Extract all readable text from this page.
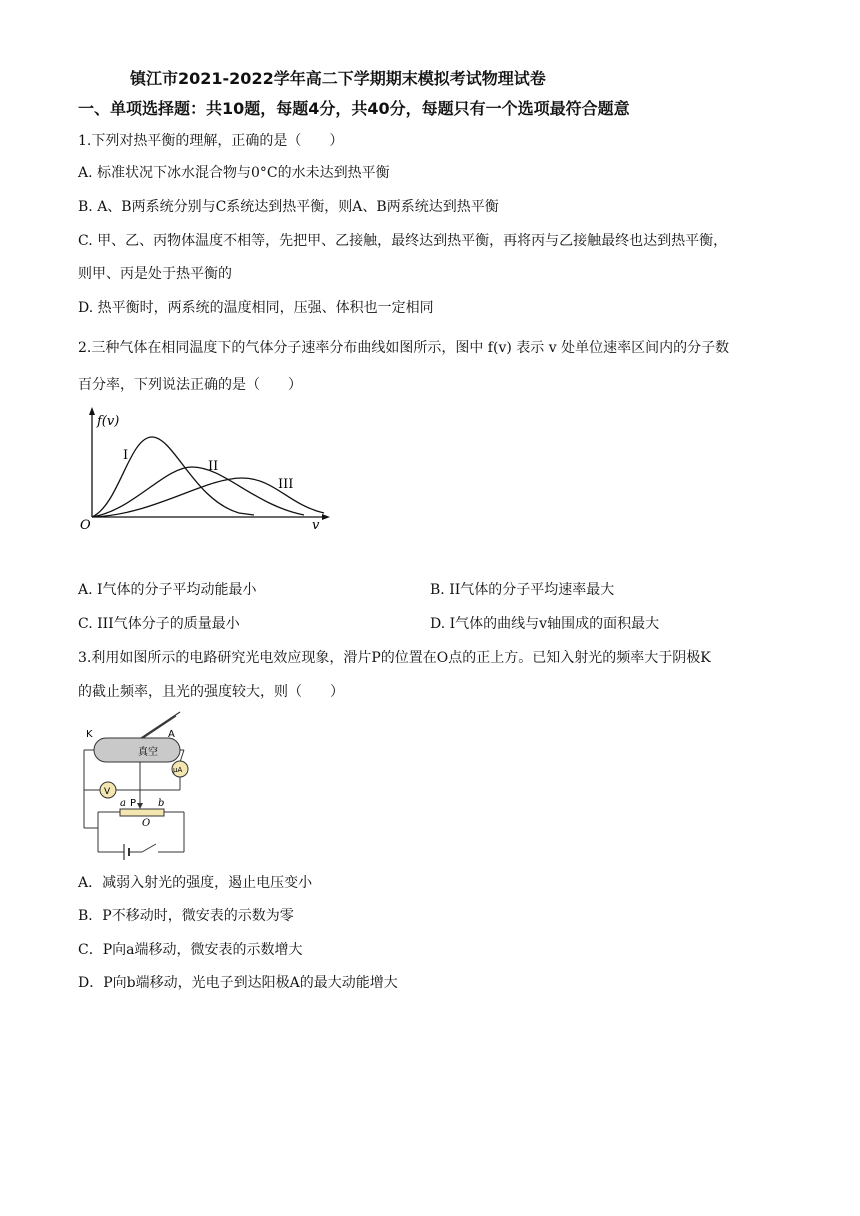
镇江市2021-2022学年高二下学期期末模拟考试物理试卷
一、单项选择题：共10题，每题4分，共40分，每题只有一个选项最符合题意
1.下列对热平衡的理解，正确的是（　　）
A. 标准状况下冰水混合物与0°C的水未达到热平衡
B. A、B两系统分别与C系统达到热平衡，则A、B两系统达到热平衡
C. 甲、乙、丙物体温度不相等，先把甲、乙接触，最终达到热平衡，再将丙与乙接触最终也达到热平衡，
则甲、丙是处于热平衡的
D. 热平衡时，两系统的温度相同，压强、体积也一定相同
2.三种气体在相同温度下的气体分子速率分布曲线如图所示，图中 f(v) 表示 v 处单位速率区间内的分子数
百分率，下列说法正确的是（　　）
f(v)
O	v
I
II
III
A. I气体的分子平均动能最小	B. II气体的分子平均速率最大
C. III气体分子的质量最小	D. I气体的曲线与v轴围成的面积最大
3.利用如图所示的电路研究光电效应现象，滑片P的位置在O点的正上方。已知入射光的频率大于阴极K
的截止频率，且光的强度较大，则（　　）
K	A
真空
μA
V
a P b
O
A．减弱入射光的强度，遏止电压变小
B．P不移动时，微安表的示数为零
C．P向a端移动，微安表的示数增大
D．P向b端移动，光电子到达阳极A的最大动能增大
